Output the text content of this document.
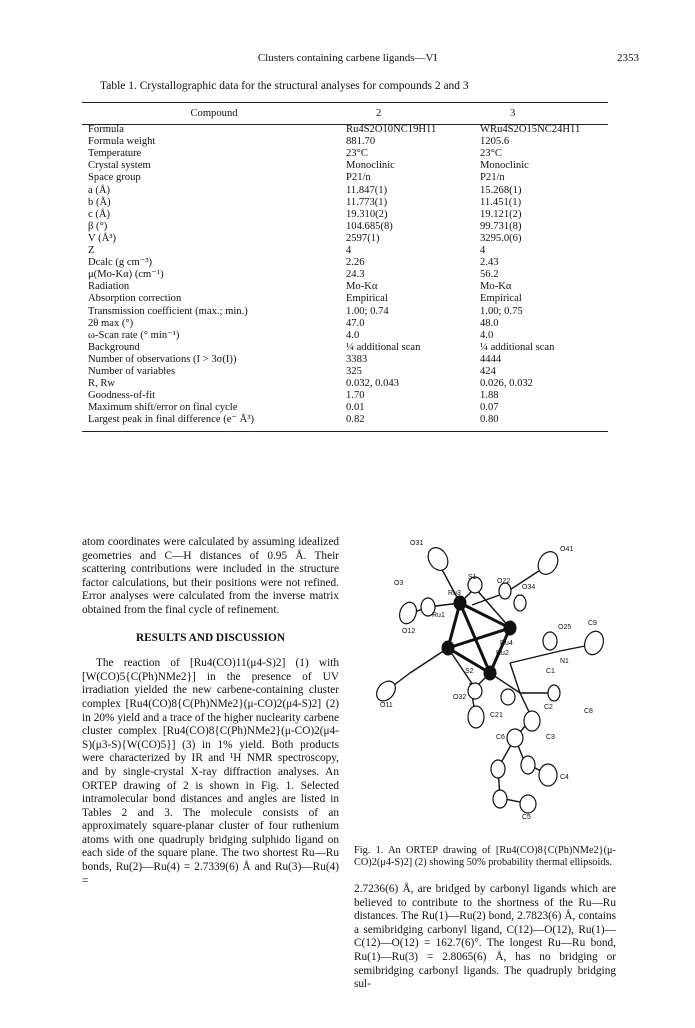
Clusters containing carbene ligands—VI	2353
Table 1. Crystallographic data for the structural analyses for compounds 2 and 3
Compound	2	3
Formula	Ru4S2O10NC19H11	WRu4S2O15NC24H11
Formula weight	881.70	1205.6
Temperature	23°C	23°C
Crystal system	Monoclinic	Monoclinic
Space group	P21/n	P21/n
a (Å)	11.847(1)	15.268(1)
b (Å)	11.773(1)	11.451(1)
c (Å)	19.310(2)	19.121(2)
β (°)	104.685(8)	99.731(8)
V (Å³)	2597(1)	3295.0(6)
Z	4	4
Dcalc (g cm⁻³)	2.26	2.43
μ(Mo-Kα) (cm⁻¹)	24.3	56.2
Radiation	Mo-Kα	Mo-Kα
Absorption correction	Empirical	Empirical
Transmission coefficient (max.; min.)	1.00; 0.74	1.00; 0.75
2θ max (°)	47.0	48.0
ω-Scan rate (° min⁻¹)	4.0	4.0
Background	¼ additional scan	¼ additional scan
Number of observations (I > 3σ(I))	3383	4444
Number of variables	325	424
R, Rw	0.032, 0.043	0.026, 0.032
Goodness-of-fit	1.70	1.88
Maximum shift/error on final cycle	0.01	0.07
Largest peak in final difference (e⁻ Å³)	0.82	0.80

atom coordinates were calculated by assuming idealized geometries and C—H distances of 0.95 Å. Their scattering contributions were included in the structure factor calculations, but their positions were not refined. Error analyses were calculated from the inverse matrix obtained from the final cycle of refinement.

RESULTS AND DISCUSSION

The reaction of [Ru4(CO)11(μ4-S)2] (1) with [W(CO)5{C(Ph)NMe2}] in the presence of UV irradiation yielded the new carbene-containing cluster complex [Ru4(CO)8{C(Ph)NMe2}(μ-CO)2(μ4-S)2] (2) in 20% yield and a trace of the higher nuclearity carbene cluster complex [Ru4(CO)8{C(Ph)NMe2}(μ-CO)2(μ4-S)(μ3-S){W(CO)5}] (3) in 1% yield. Both products were characterized by IR and ¹H NMR spectroscopy, and by single-crystal X-ray diffraction analyses. An ORTEP drawing of 2 is shown in Fig. 1. Selected intramolecular bond distances and angles are listed in Tables 2 and 3. The molecule consists of an approximately square-planar cluster of four ruthenium atoms with one quadruply bridging sulphido ligand on each side of the square plane. The two shortest Ru—Ru bonds, Ru(2)—Ru(4) = 2.7339(6) Å and Ru(3)—Ru(4) =

2.7236(6) Å, are bridged by carbonyl ligands which are believed to contribute to the shortness of the Ru—Ru distances. The Ru(1)—Ru(2) bond, 2.7823(6) Å, contains a semibridging carbonyl ligand, C(12)—O(12), Ru(1)—C(12)—O(12) = 162.7(6)°. The longest Ru—Ru bond, Ru(1)—Ru(3) = 2.8065(6) Å, has no bridging or semibridging carbonyl ligands. The quadruply bridging sul-

O31
O41
O3
S1
O22
O34
Ru3
Ru1
O25
C9
O12
Ru4
N1
Ru2
C1
S2
O32
C2
O11
C21
C8
C3
C6
C4
C5
Fig. 1. An ORTEP drawing of [Ru4(CO)8{C(Ph)NMe2}(μ-CO)2(μ4-S)2] (2) showing 50% probability thermal ellipsoids.
